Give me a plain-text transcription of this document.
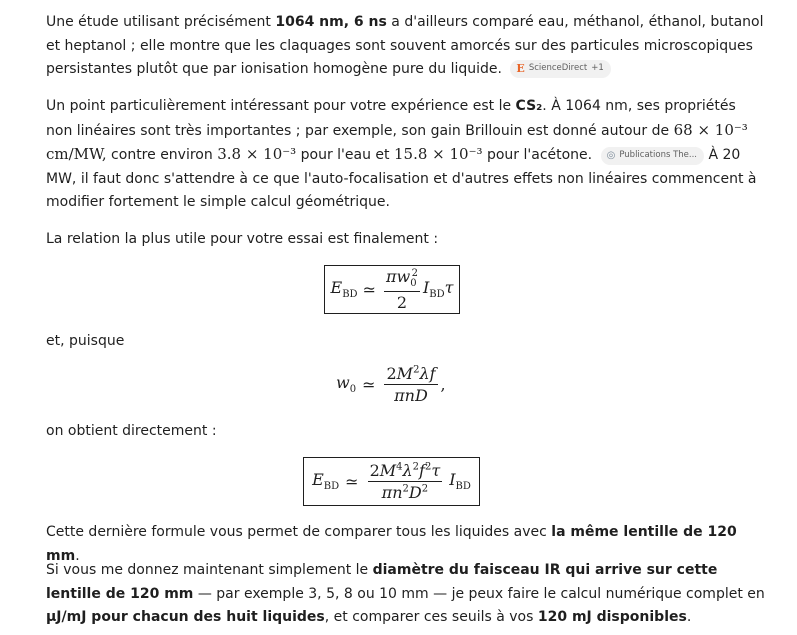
Une étude utilisant précisément 1064 nm, 6 ns a d'ailleurs comparé eau, méthanol, éthanol, butanol et heptanol ; elle montre que les claquages sont souvent amorcés sur des particules microscopiques persistantes plutôt que par ionisation homogène pure du liquide. E ScienceDirect +1

Un point particulièrement intéressant pour votre expérience est le CS₂. À 1064 nm, ses propriétés non linéaires sont très importantes ; par exemple, son gain Brillouin est donné autour de 68 × 10⁻³ cm/MW, contre environ 3.8 × 10⁻³ pour l'eau et 15.8 × 10⁻³ pour l'acétone. ◎ Publications The... À 20 MW, il faut donc s'attendre à ce que l'auto-focalisation et d'autres effets non linéaires commencent à modifier fortement le simple calcul géométrique.

La relation la plus utile pour votre essai est finalement :

$E_{BD}$ ≃ $\frac{\pi w_0^2}{2} I_{BD}\tau$

et, puisque

$w_0$ ≃ $\frac{2M^2\lambda f}{\text{πnD}}$ ,

on obtient directement :

$E_{BD}$ ≃ $\frac{2M^4\lambda^2f^2\tau}{\pi n^2D^2} I_{BD}$

Cette dernière formule vous permet de comparer tous les liquides avec la même lentille de 120 mm.

Si vous me donnez maintenant simplement le diamètre du faisceau IR qui arrive sur cette lentille de 120 mm — par exemple 3, 5, 8 ou 10 mm — je peux faire le calcul numérique complet en µJ/mJ pour chacun des huit liquides, et comparer ces seuils à vos 120 mJ disponibles.
